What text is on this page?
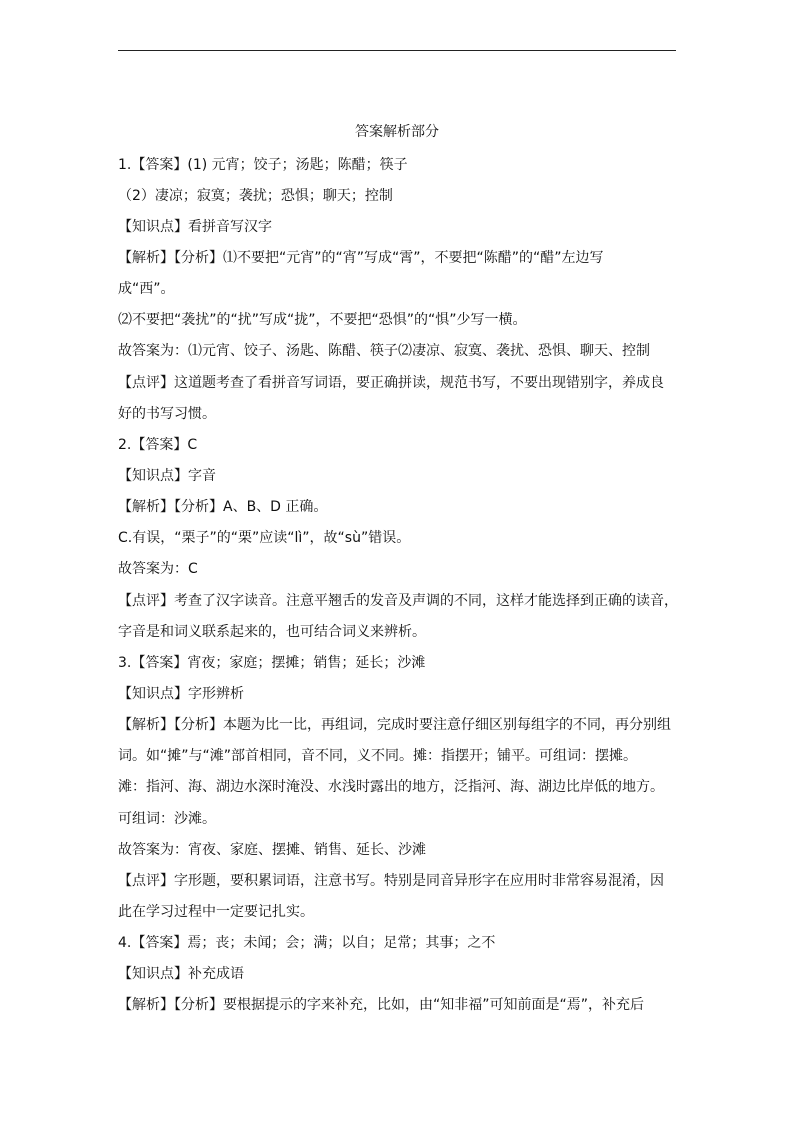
答案解析部分
1.【答案】(1) 元宵；饺子；汤匙；陈醋；筷子
（2）凄凉；寂寞；袭扰；恐惧；聊天；控制
【知识点】看拼音写汉字
【解析】【分析】⑴不要把“元宵”的“宵”写成“霄”，不要把“陈醋”的“醋”左边写
成“西”。
⑵不要把“袭扰”的“扰”写成“拢”，不要把“恐惧”的“惧”少写一横。
故答案为：⑴元宵、饺子、汤匙、陈醋、筷子⑵凄凉、寂寞、袭扰、恐惧、聊天、控制
【点评】这道题考查了看拼音写词语，要正确拼读，规范书写，不要出现错别字，养成良
好的书写习惯。
2.【答案】C
【知识点】字音
【解析】【分析】A、B、D 正确。
C.有误，“栗子”的“栗”应读“lì”，故“sù”错误。
故答案为：C
【点评】考查了汉字读音。注意平翘舌的发音及声调的不同，这样才能选择到正确的读音，
字音是和词义联系起来的，也可结合词义来辨析。
3.【答案】宵夜；家庭；摆摊；销售；延长；沙滩
【知识点】字形辨析
【解析】【分析】本题为比一比，再组词，完成时要注意仔细区别每组字的不同，再分别组
词。如“摊”与“滩”部首相同，音不同，义不同。摊：指摆开；铺平。可组词：摆摊。
滩：指河、海、湖边水深时淹没、水浅时露出的地方，泛指河、海、湖边比岸低的地方。
可组词：沙滩。
故答案为：宵夜、家庭、摆摊、销售、延长、沙滩
【点评】字形题，要积累词语，注意书写。特别是同音异形字在应用时非常容易混淆，因
此在学习过程中一定要记扎实。
4.【答案】焉；丧；未闻；会；满；以自；足常；其事；之不
【知识点】补充成语
【解析】【分析】要根据提示的字来补充，比如，由“知非福”可知前面是“焉”，补充后
